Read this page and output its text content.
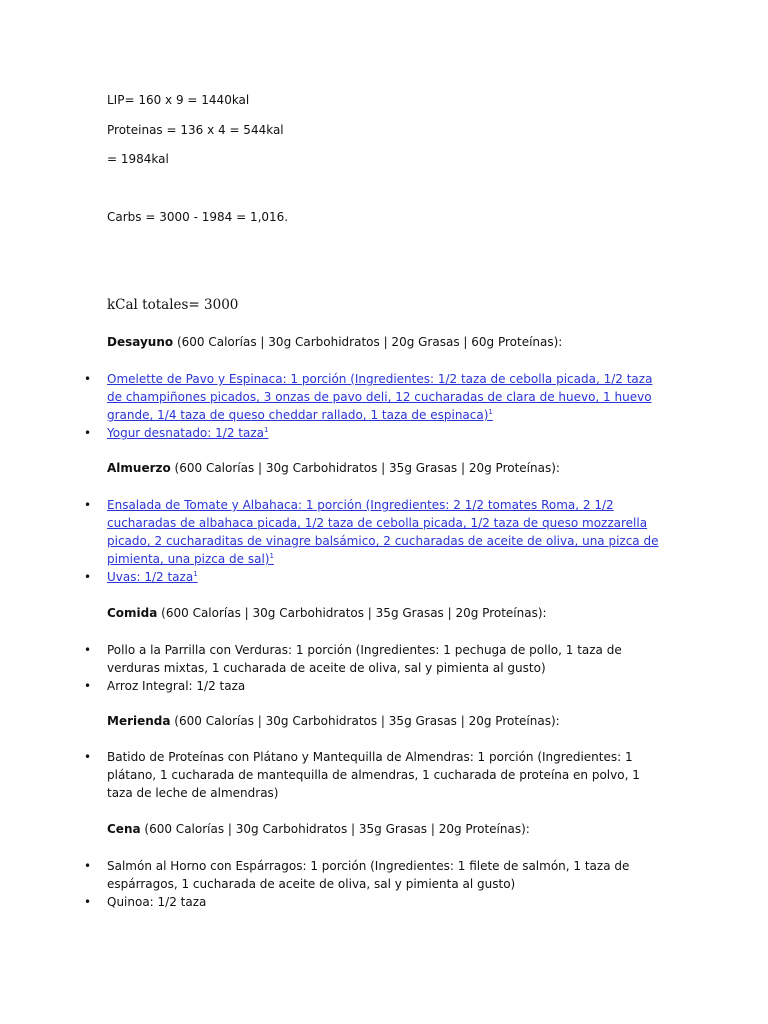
LIP= 160 x 9 = 1440kal
Proteinas = 136 x 4 = 544kal
= 1984kal
Carbs = 3000 - 1984 = 1,016.
kCal totales= 3000
Desayuno (600 Calorías | 30g Carbohidratos | 20g Grasas | 60g Proteínas):
• Omelette de Pavo y Espinaca: 1 porción (Ingredientes: 1/2 taza de cebolla picada, 1/2 taza de champiñones picados, 3 onzas de pavo deli, 12 cucharadas de clara de huevo, 1 huevo grande, 1/4 taza de queso cheddar rallado, 1 taza de espinaca)$^1$
• Yogur desnatado: 1/2 taza$^1$
Almuerzo (600 Calorías | 30g Carbohidratos | 35g Grasas | 20g Proteínas):
• Ensalada de Tomate y Albahaca: 1 porción (Ingredientes: 2 1/2 tomates Roma, 2 1/2 cucharadas de albahaca picada, 1/2 taza de cebolla picada, 1/2 taza de queso mozzarella picado, 2 cucharaditas de vinagre balsámico, 2 cucharadas de aceite de oliva, una pizca de pimienta, una pizca de sal)$^1$
• Uvas: 1/2 taza$^1$
Comida (600 Calorías | 30g Carbohidratos | 35g Grasas | 20g Proteínas):
• Pollo a la Parrilla con Verduras: 1 porción (Ingredientes: 1 pechuga de pollo, 1 taza de verduras mixtas, 1 cucharada de aceite de oliva, sal y pimienta al gusto)
• Arroz Integral: 1/2 taza
Merienda (600 Calorías | 30g Carbohidratos | 35g Grasas | 20g Proteínas):
• Batido de Proteínas con Plátano y Mantequilla de Almendras: 1 porción (Ingredientes: 1 plátano, 1 cucharada de mantequilla de almendras, 1 cucharada de proteína en polvo, 1 taza de leche de almendras)
Cena (600 Calorías | 30g Carbohidratos | 35g Grasas | 20g Proteínas):
• Salmón al Horno con Espárragos: 1 porción (Ingredientes: 1 filete de salmón, 1 taza de espárragos, 1 cucharada de aceite de oliva, sal y pimienta al gusto)
• Quinoa: 1/2 taza
